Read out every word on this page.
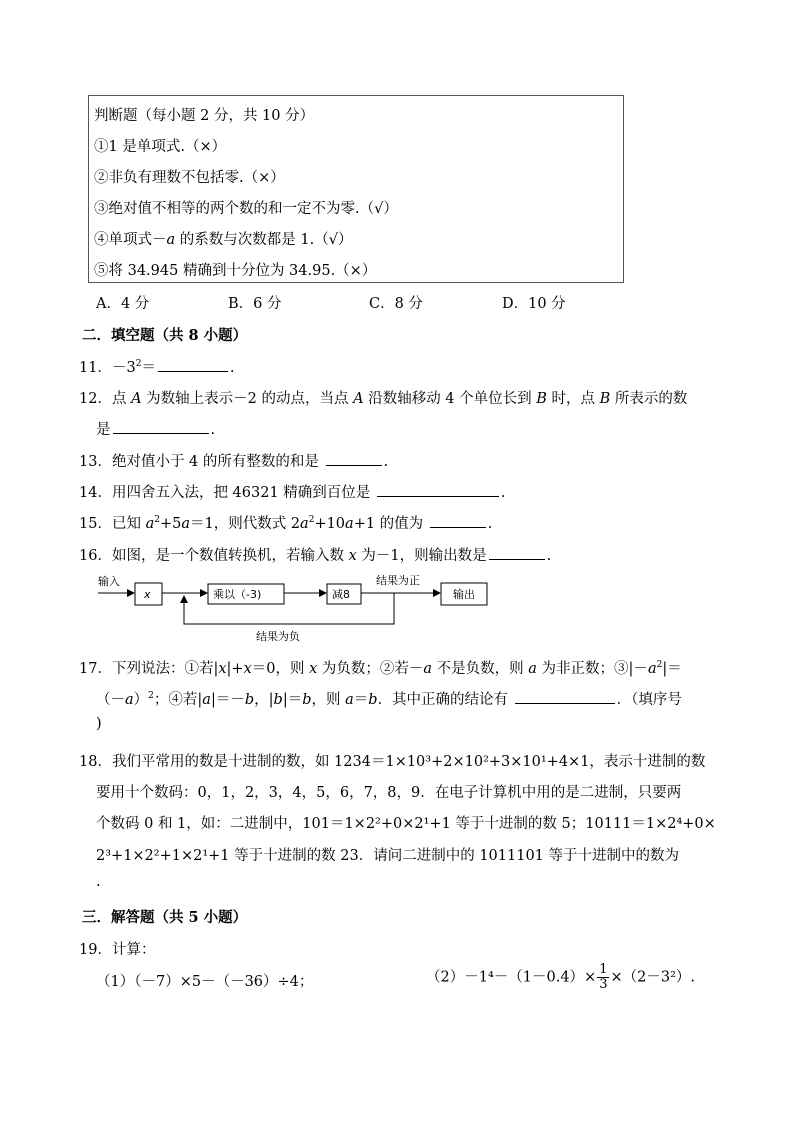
判断题（每小题 2 分，共 10 分）
①1 是单项式.（×）
②非负有理数不包括零.（×）
③绝对值不相等的两个数的和一定不为零.（√）
④单项式－a 的系数与次数都是 1.（√）
⑤将 34.945 精确到十分位为 34.95.（×）
A．4 分	B．6 分	C．8 分	D．10 分
二．填空题（共 8 小题）
11．$-3^2=$	.
12．点 A 为数轴上表示－2 的动点，当点 A 沿数轴移动 4 个单位长到 B 时，点 B 所表示的数
是	.
13．绝对值小于 4 的所有整数的和是	.
14．用四舍五入法，把 46321 精确到百位是	.
15．已知 $a^2+5a=1$，则代数式 $2a^2+10a+1$ 的值为	.
16．如图，是一个数值转换机，若输入数 x 为－1，则输出数是	.
输入
x	乘以（-3)	减8
结果为正
输出
结果为负
17．下列说法：①若|x|+x＝0，则 x 为负数；②若－a 不是负数，则 a 为非正数；$③|-a^2|=$
$(-a)^2$；④若|a|＝－b，|b|＝b，则 a＝b．其中正确的结论有	．（填序号
)
18．我们平常用的数是十进制的数，如 1234＝1×10³+2×10²+3×10¹+4×1，表示十进制的数
要用十个数码：0，1，2，3，4，5，6，7，8，9．在电子计算机中用的是二进制，只要两
个数码 0 和 1，如：二进制中，101＝1×2²+0×2¹+1 等于十进制的数 5；10111＝1×2⁴+0×
2³+1×2²+1×2¹+1 等于十进制的数 23．请问二进制中的 1011101 等于十进制中的数为
.
三．解答题（共 5 小题）
19．计算：
（1）（－7）×5－（－36）÷4；	$(2)-1^4-(1-0.4)\times \frac{1}{3} \times(2-3^2)$.
